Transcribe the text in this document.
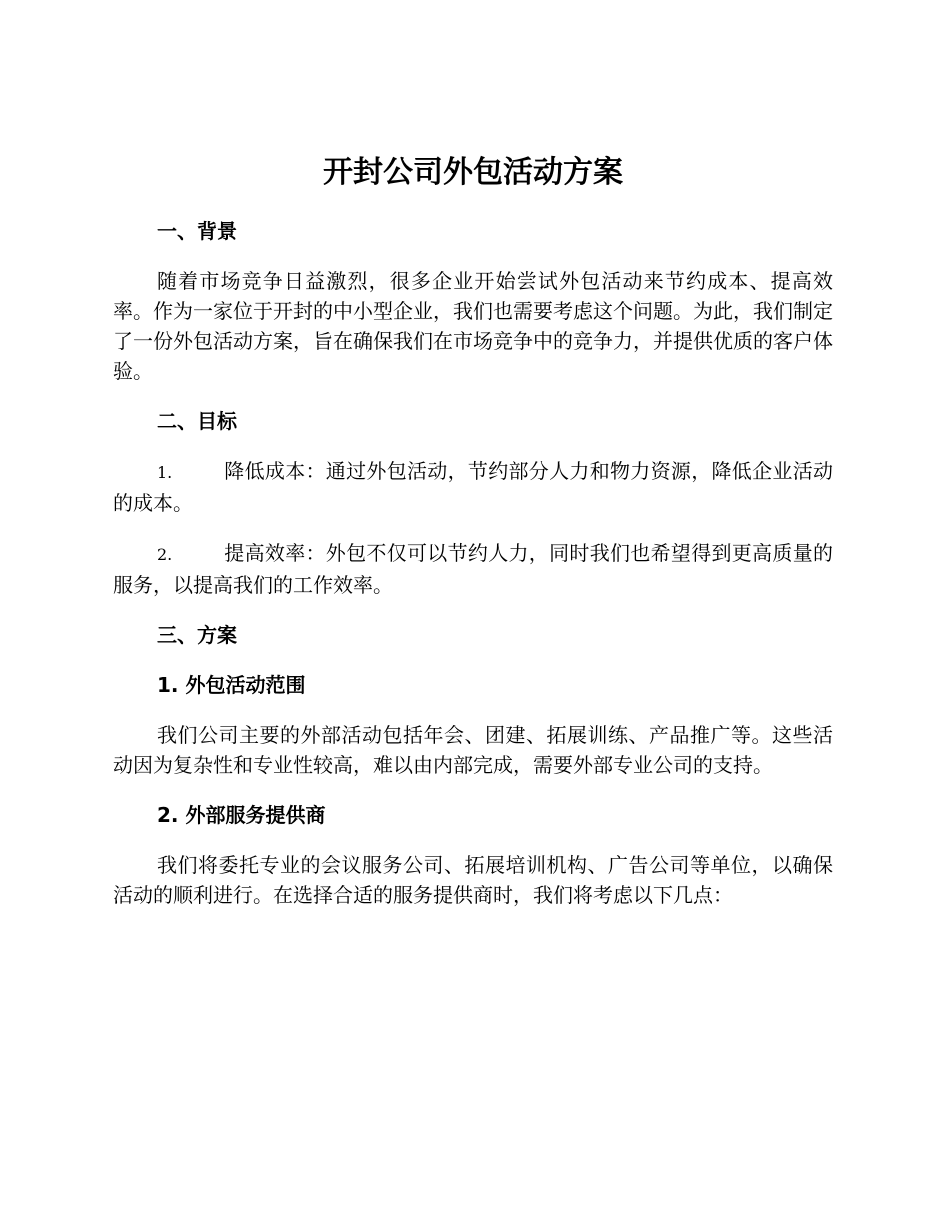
开封公司外包活动方案
一、背景

随着市场竞争日益激烈，很多企业开始尝试外包活动来节约成本、提高效率。作为一家位于开封的中小型企业，我们也需要考虑这个问题。为此，我们制定了一份外包活动方案，旨在确保我们在市场竞争中的竞争力，并提供优质的客户体验。

二、目标

1.	降低成本：通过外包活动，节约部分人力和物力资源，降低企业活动的成本。

2.	提高效率：外包不仅可以节约人力，同时我们也希望得到更高质量的服务，以提高我们的工作效率。

三、方案
1. 外包活动范围

我们公司主要的外部活动包括年会、团建、拓展训练、产品推广等。这些活动因为复杂性和专业性较高，难以由内部完成，需要外部专业公司的支持。

2. 外部服务提供商

我们将委托专业的会议服务公司、拓展培训机构、广告公司等单位，以确保活动的顺利进行。在选择合适的服务提供商时，我们将考虑以下几点：
